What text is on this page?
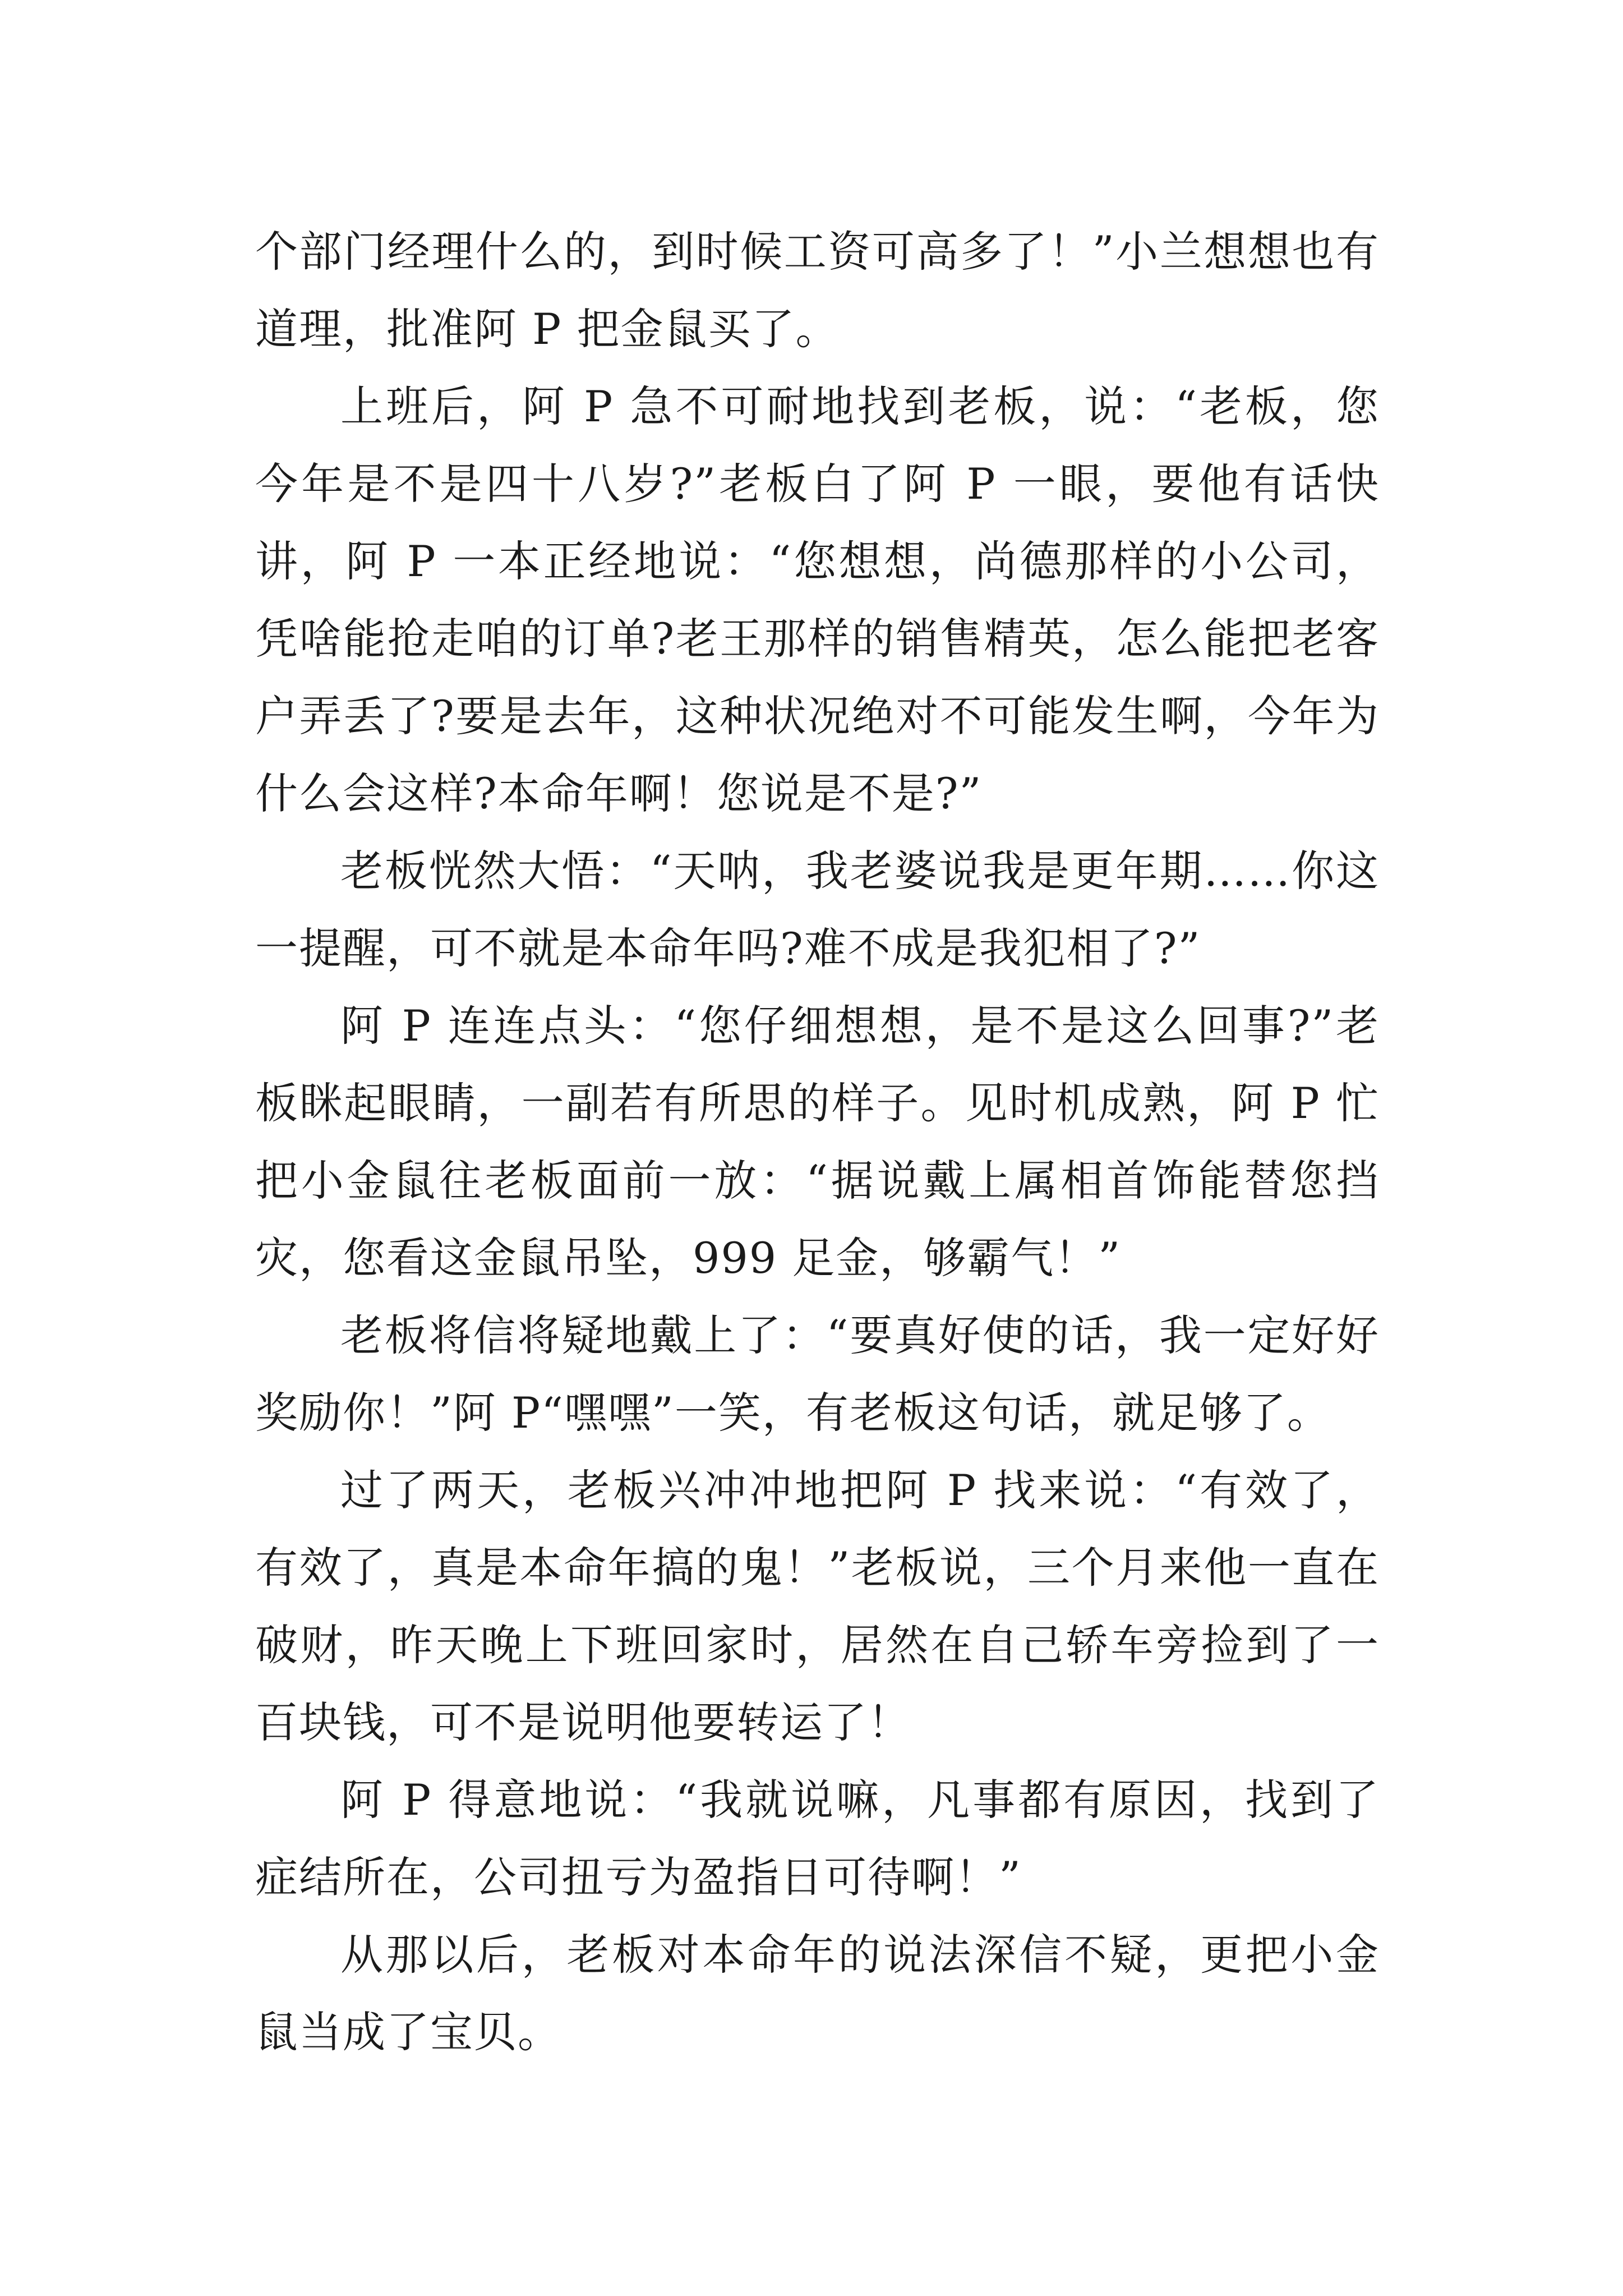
个部门经理什么的，到时候工资可高多了！”小兰想想也有道理，批准阿 P 把金鼠买了。

上班后，阿 P 急不可耐地找到老板，说：“老板，您今年是不是四十八岁?”老板白了阿 P 一眼，要他有话快讲，阿 P 一本正经地说：“您想想，尚德那样的小公司，凭啥能抢走咱的订单?老王那样的销售精英，怎么能把老客户弄丢了?要是去年，这种状况绝对不可能发生啊，今年为什么会这样?本命年啊！您说是不是?”

老板恍然大悟：“天呐，我老婆说我是更年期……你这一提醒，可不就是本命年吗?难不成是我犯相了?”

阿 P 连连点头：“您仔细想想，是不是这么回事?”老板眯起眼睛，一副若有所思的样子。见时机成熟，阿 P 忙把小金鼠往老板面前一放：“据说戴上属相首饰能替您挡灾，您看这金鼠吊坠，999 足金，够霸气！”

老板将信将疑地戴上了：“要真好使的话，我一定好好奖励你！”阿 P“嘿嘿”一笑，有老板这句话，就足够了。

过了两天，老板兴冲冲地把阿 P 找来说：“有效了，有效了，真是本命年搞的鬼！”老板说，三个月来他一直在破财，昨天晚上下班回家时，居然在自己轿车旁捡到了一百块钱，可不是说明他要转运了！

阿 P 得意地说：“我就说嘛，凡事都有原因，找到了症结所在，公司扭亏为盈指日可待啊！”

从那以后，老板对本命年的说法深信不疑，更把小金鼠当成了宝贝。
